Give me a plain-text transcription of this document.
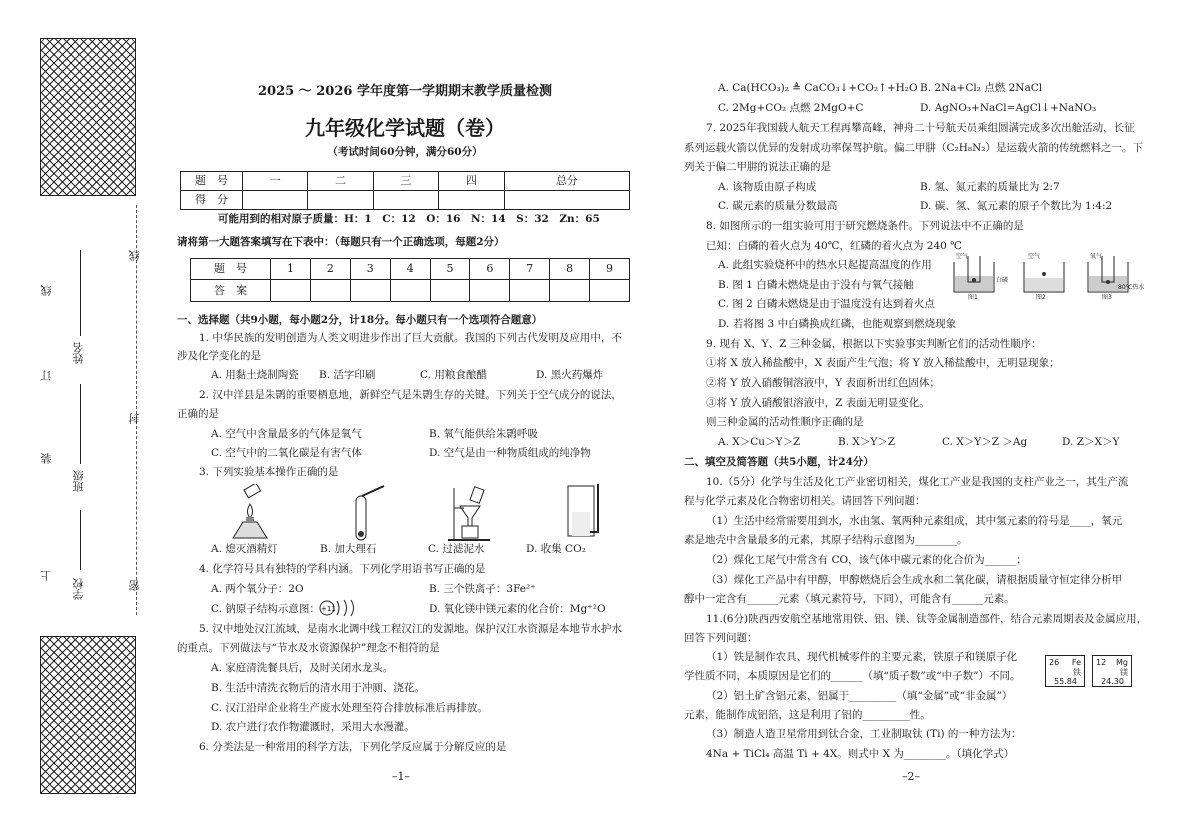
上
装
订
线
封
密
线
学校
班级
姓名
2025 ～ 2026 学年度第一学期期末教学质量检测
九年级化学试题（卷）
（考试时间60分钟，满分60分）
题　号	一	二	三	四	总分
得　分					
可能用到的相对原子质量：H：1　C：12　O：16　N：14　S：32　Zn：65
请将第一大题答案填写在下表中：（每题只有一个正确选项，每题2分）
题　号	1	2	3	4	5	6	7	8	9
答　案									
一、选择题（共9小题，每小题2分，计18分。每小题只有一个选项符合题意）
1. 中华民族的发明创造为人类文明进步作出了巨大贡献。我国的下列古代发明及应用中，不
涉及化学变化的是
A. 用黏土烧制陶瓷 B. 活字印刷	C. 用粮食酿醋	D. 黑火药爆炸
2. 汉中洋县是朱鹮的重要栖息地，新鲜空气是朱鹮生存的关键。下列关于空气成分的说法，
正确的是
A. 空气中含量最多的气体是氧气	B. 氧气能供给朱鹮呼吸
C. 空气中的二氧化碳是有害气体	D. 空气是由一种物质组成的纯净物
3. 下列实验基本操作正确的是
A. 熄灭酒精灯	B. 加大理石	C. 过滤泥水	D. 收集 CO₂
4. 化学符号具有独特的学科内涵。下列化学用语书写正确的是
A. 两个氧分子：2O	B. 三个铁离子：3Fe²⁺
C. 钠原子结构示意图： +11	D. 氧化镁中镁元素的化合价：Mg⁺²O
5. 汉中地处汉江流域，是南水北调中线工程汉江的发源地。保护汉江水资源是本地节水护水
的重点。下列做法与“节水及水资源保护”理念不相符的是
A. 家庭清洗餐具后，及时关闭水龙头。
B. 生活中清洗衣物后的清水用于冲厕、浇花。
C. 汉江沿岸企业将生产废水处理至符合排放标准后再排放。
D. 农户进行农作物灌溉时，采用大水漫灌。
6. 分类法是一种常用的科学方法，下列化学反应属于分解反应的是
–1–
A. Ca(HCO₃)₂ ≜ CaCO₃↓+CO₂↑+H₂O B. 2Na+Cl₂ 点燃 2NaCl
C. 2Mg+CO₂ 点燃 2MgO+C	D. AgNO₃+NaCl=AgCl↓+NaNO₃
7. 2025年我国载人航天工程再攀高峰，神舟二十号航天员乘组圆满完成多次出舱活动，长征
系列运载火箭以优异的发射成功率保驾护航。偏二甲肼（C₂H₈N₂）是运载火箭的传统燃料之一。下
列关于偏二甲肼的说法正确的是
A. 该物质由原子构成	B. 氢、氮元素的质量比为 2:7
C. 碳元素的质量分数最高	D. 碳、氢、氮元素的原子个数比为 1:4:2
8. 如图所示的一组实验可用于研究燃烧条件。下列说法中不正确的是
已知：白磷的着火点为 40℃，红磷的着火点为 240 ℃
A. 此组实验烧杯中的热水只起提高温度的作用
B. 图 1 白磷未燃烧是由于没有与氧气接触
C. 图 2 白磷未燃烧是由于温度没有达到着火点
D. 若将图 3 中白磷换成红磷，也能观察到燃烧现象
空气
图1
白磷
空气
图2
氧气
图3
80℃热水
9. 现有 X、Y、Z 三种金属，根据以下实验事实判断它们的活动性顺序：
①将 X 放入稀盐酸中，X 表面产生气泡；将 Y 放入稀盐酸中，无明显现象；
②将 Y 放入硝酸铜溶液中，Y 表面析出红色固体；
③将 Y 放入硝酸银溶液中，Z 表面无明显变化。
则三种金属的活动性顺序正确的是
A. X＞Cu＞Y＞Z	B. X＞Y＞Z	C. X＞Y＞Z ＞Ag	D. Z＞X＞Y
二、填空及简答题（共5小题，计24分）
10.（5分）化学与生活及化工产业密切相关，煤化工产业是我国的支柱产业之一，其生产流
程与化学元素及化合物密切相关。请回答下列问题：
（1）生活中经常需要用到水，水由氢、氧两种元素组成，其中氢元素的符号是____，氧元
素是地壳中含量最多的元素，其原子结构示意图为________。
（2）煤化工尾气中常含有 CO，该气体中碳元素的化合价为______；
（3）煤化工产品中有甲醇，甲醇燃烧后会生成水和二氧化碳，请根据质量守恒定律分析甲
醇中一定含有______元素（填元素符号，下同），可能含有______元素。
11.(6分)陕西西安航空基地常用铁、铝、镁、钛等金属制造部件，结合元素周期表及金属应用，
回答下列问题：
（1）铁是制作农具、现代机械零件的主要元素，铁原子和镁原子化
学性质不同，本质原因是它们的______（填“质子数”或“中子数”）不同。
（2）铝土矿含铝元素，铝属于_________（填“金属”或“非金属”）
元素，能制作成铝箔，这是利用了铝的_________性。
（3）制造人造卫星常用到钛合金，工业制取钛 (Ti) 的一种方法为：
4Na + TiCl₄ 高温 Ti + 4X。则式中 X 为________。（填化学式）
26 Fe
铁
55.84
12 Mg
镁
24.30
–2–
